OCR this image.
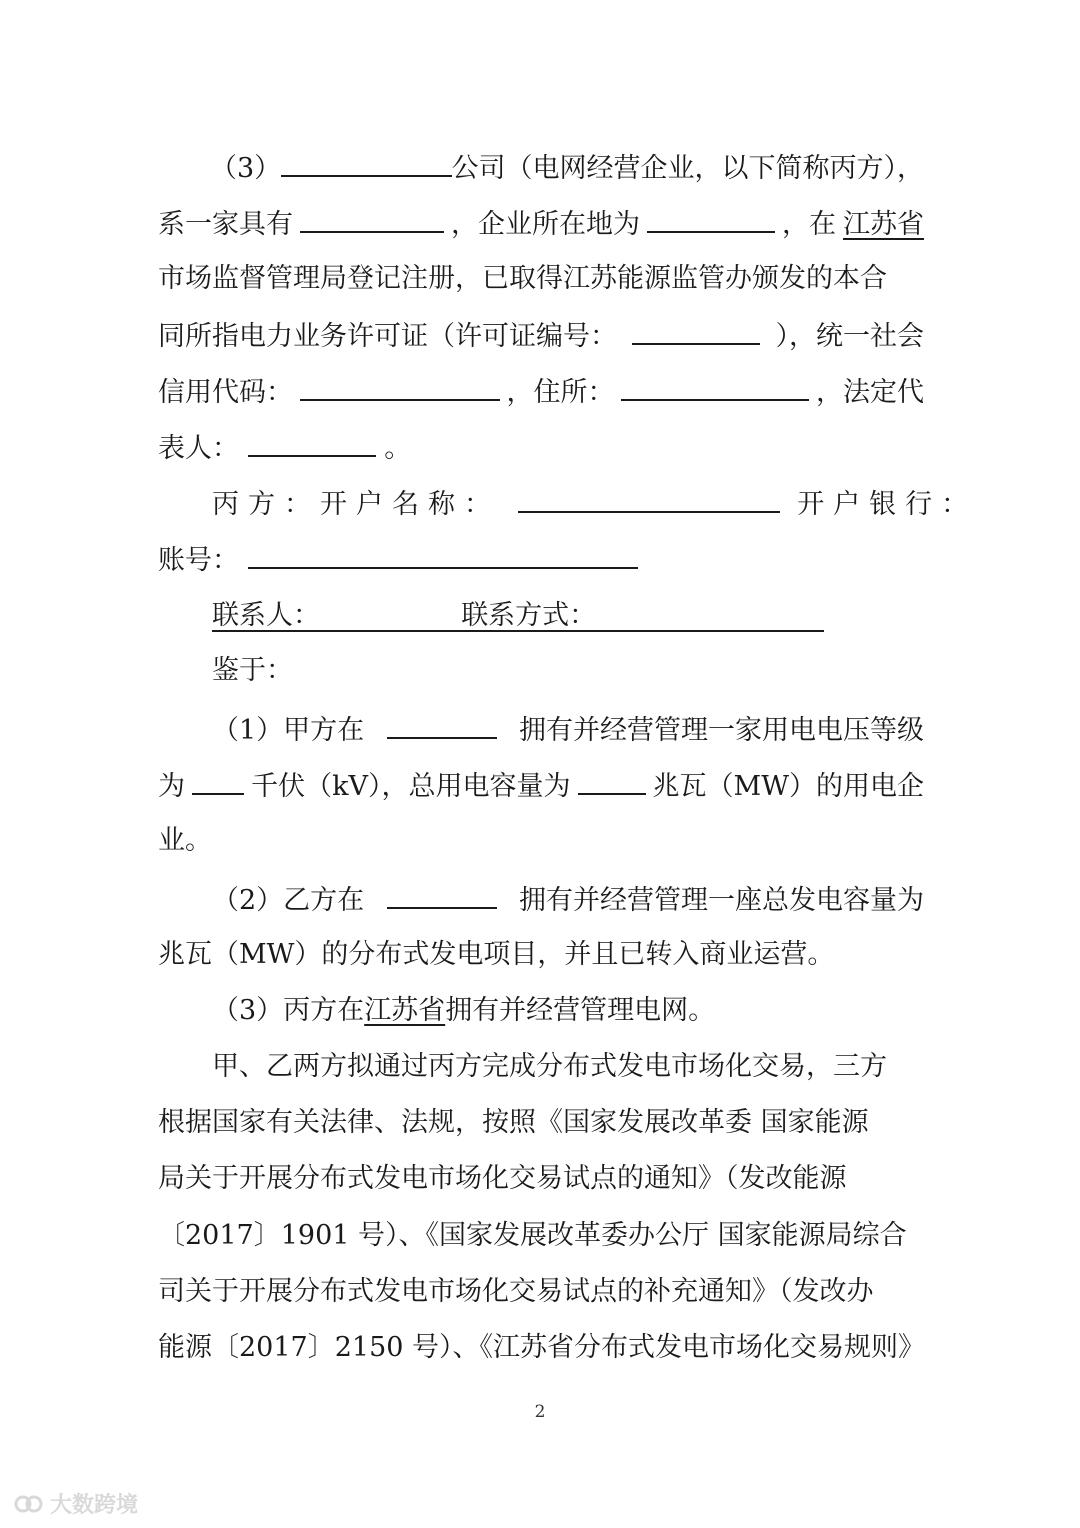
（3）	公司（电网经营企业，以下简称丙方），
系一家具有	，企业所在地为	，在 江苏省
市场监督管理局登记注册，已取得江苏能源监管办颁发的本合
同所指电力业务许可证（许可证编号：	），统一社会
信用代码：	，住所：	，法定代
表人：	。
丙方：开户名称：	开户银行：
账号：
联系人：	联系方式：
鉴于：
（1）甲方在	拥有并经营管理一家用电电压等级
为 千伏（kV），总用电容量为	兆瓦（MW）的用电企
业。
（2）乙方在	拥有并经营管理一座总发电容量为
兆瓦（MW）的分布式发电项目，并且已转入商业运营。
（3）丙方在江苏省拥有并经营管理电网。
甲、乙两方拟通过丙方完成分布式发电市场化交易，三方
根据国家有关法律、法规，按照《国家发展改革委 国家能源
局关于开展分布式发电市场化交易试点的通知》（发改能源
〔2017〕1901 号）、《国家发展改革委办公厅 国家能源局综合
司关于开展分布式发电市场化交易试点的补充通知》（发改办
能源〔2017〕2150 号）、《江苏省分布式发电市场化交易规则》
2
大数跨境
